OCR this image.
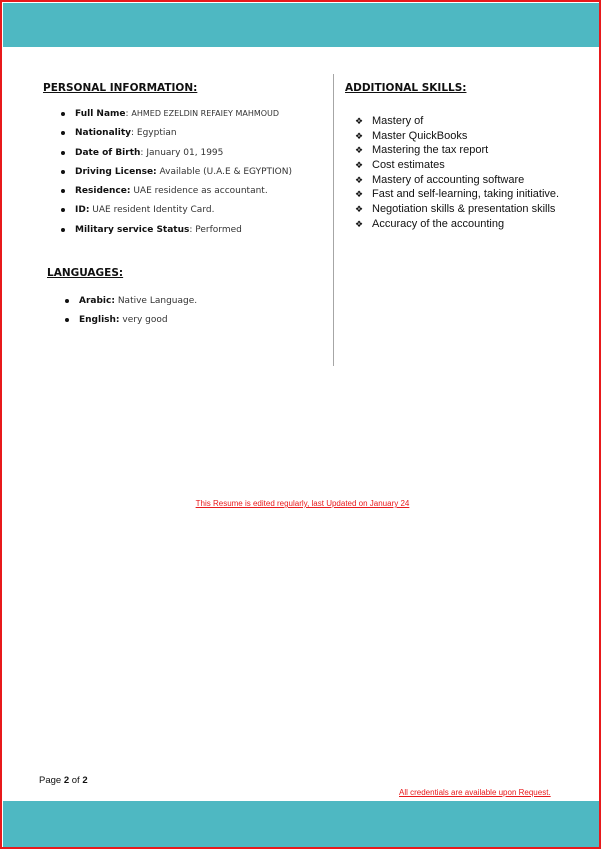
PERSONAL INFORMATION:
Full Name: AHMED EZELDIN REFAIEY MAHMOUD
Nationality: Egyptian
Date of Birth: January 01, 1995
Driving License: Available (U.A.E & EGYPTION)
Residence: UAE residence as accountant.
ID: UAE resident Identity Card.
Military service Status: Performed
LANGUAGES:
Arabic: Native Language.
English: very good
ADDITIONAL SKILLS:
❖ Mastery of
❖ Master QuickBooks
❖ Mastering the tax report
❖ Cost estimates
❖ Mastery of accounting software
❖ Fast and self-learning, taking initiative.
❖ Negotiation skills & presentation skills
❖ Accuracy of the accounting
This Resume is edited regularly, last Updated on January 24
Page 2 of 2
All credentials are available upon Request.
